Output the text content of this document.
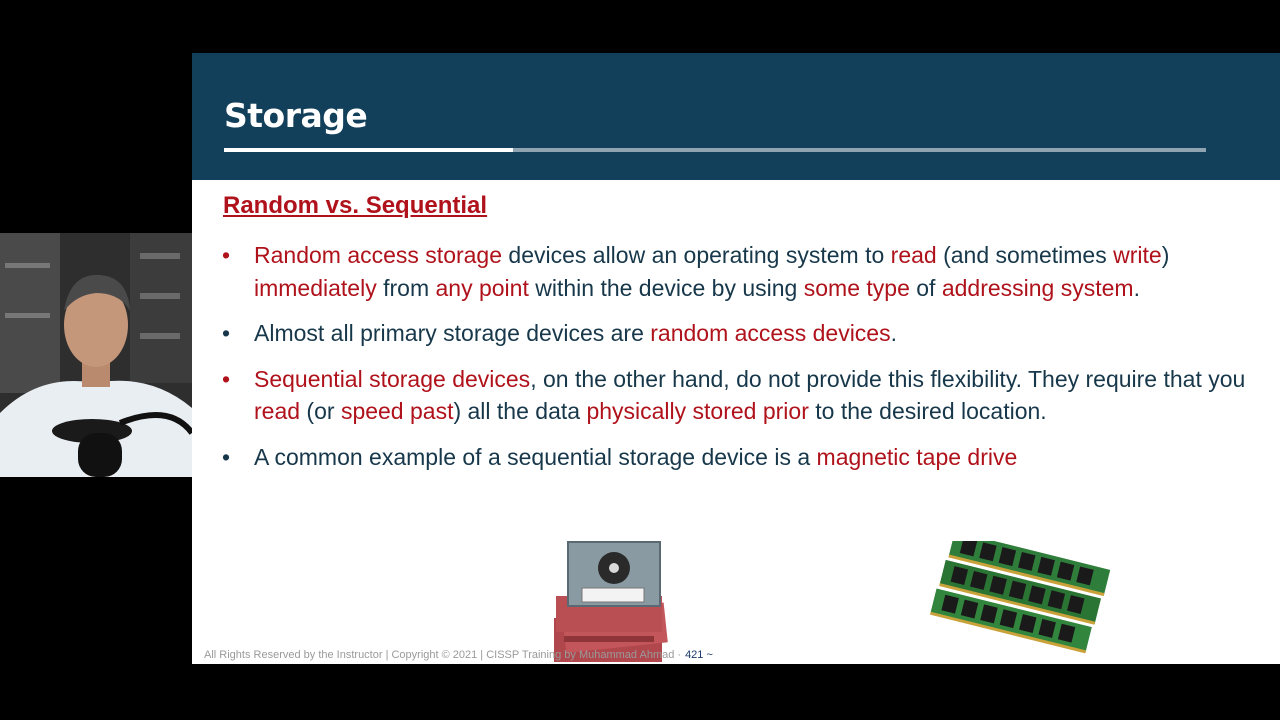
Storage
Random vs. Sequential
•	Random access storage devices allow an operating system to read (and sometimes write) immediately from any point within the device by using some type of addressing system.
•	Almost all primary storage devices are random access devices.
•	Sequential storage devices, on the other hand, do not provide this flexibility. They require that you read (or speed past) all the data physically stored prior to the desired location.
•	A common example of a sequential storage device is a magnetic tape drive
All Rights Reserved by the Instructor | Copyright © 2021 | CISSP Training by Muhammad Ahmad · 421 ~
